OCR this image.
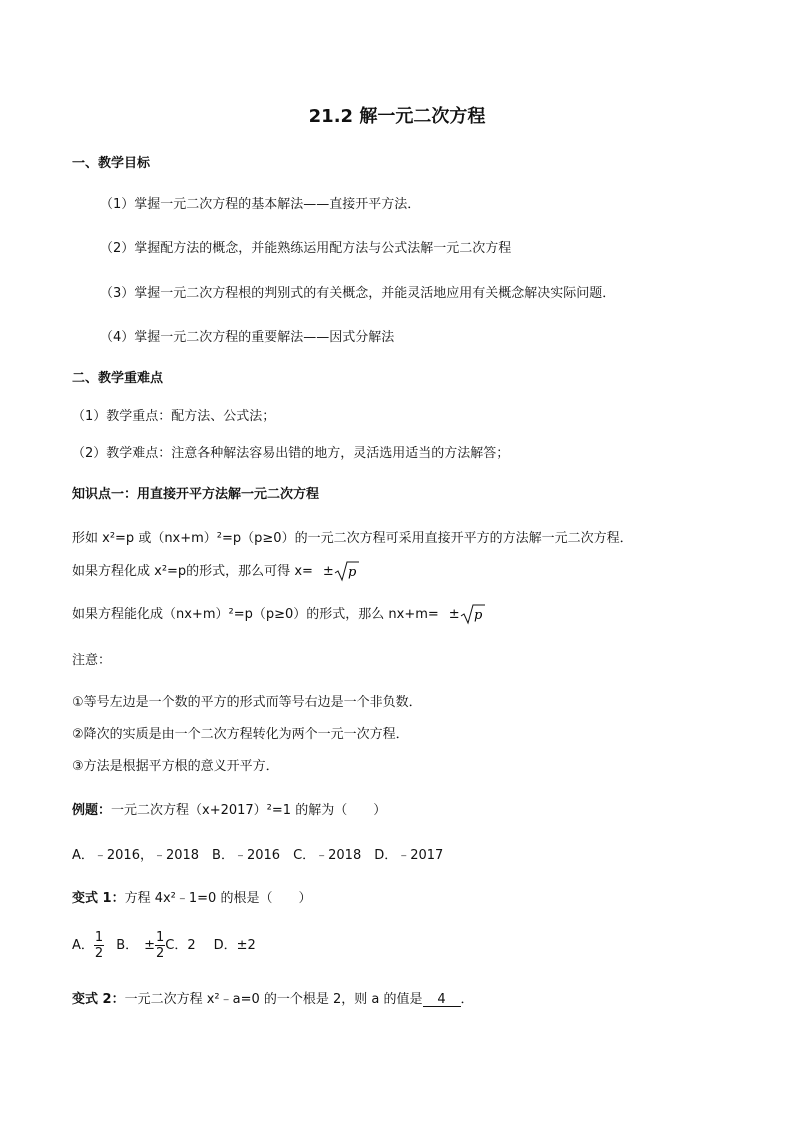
21.2 解一元二次方程
一、教学目标
（1）掌握一元二次方程的基本解法——直接开平方法．
（2）掌握配方法的概念，并能熟练运用配方法与公式法解一元二次方程
（3）掌握一元二次方程根的判别式的有关概念，并能灵活地应用有关概念解决实际问题．
（4）掌握一元二次方程的重要解法——因式分解法
二、教学重难点
（1）教学重点：配方法、公式法；
（2）教学难点：注意各种解法容易出错的地方，灵活选用适当的方法解答；
知识点一：用直接开平方法解一元二次方程
形如 x²=p 或（nx+m）²=p（p≥0）的一元二次方程可采用直接开平方的方法解一元二次方程．
如果方程化成 x²=p的形式，那么可得 x= ± p
如果方程能化成（nx+m）²=p（p≥0）的形式，那么 nx+m= ± p
注意：
①等号左边是一个数的平方的形式而等号右边是一个非负数．
②降次的实质是由一个二次方程转化为两个一元一次方程．
③方法是根据平方根的意义开平方．
例题：一元二次方程（x+2017）²=1 的解为（　　）
A．﹣2016，﹣2018　B．﹣2016　C．﹣2018　D．﹣2017
变式 1：方程 4x²﹣1=0 的根是（　　）
A． $\frac{1}{2}$ B． ± $\frac{1}{2}$ C．2 D．±2
变式 2：一元二次方程 x²﹣a=0 的一个根是 2，则 a 的值是 4 ．
